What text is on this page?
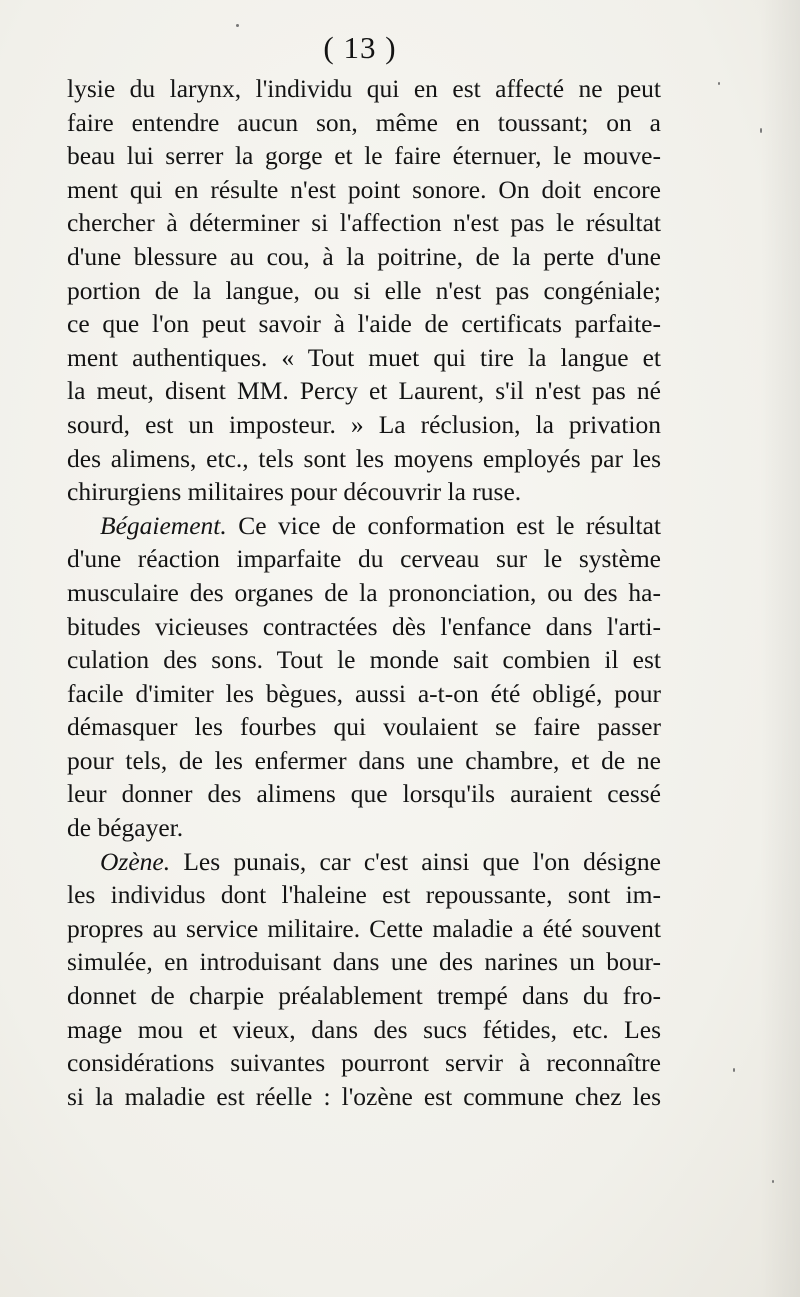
( 13 )
lysie du larynx, l'individu qui en est affecté ne peut
faire entendre aucun son, même en toussant; on a
beau lui serrer la gorge et le faire éternuer, le mouve-
ment qui en résulte n'est point sonore. On doit encore
chercher à déterminer si l'affection n'est pas le résultat
d'une blessure au cou, à la poitrine, de la perte d'une
portion de la langue, ou si elle n'est pas congéniale;
ce que l'on peut savoir à l'aide de certificats parfaite-
ment authentiques. « Tout muet qui tire la langue et
la meut, disent MM. Percy et Laurent, s'il n'est pas né
sourd, est un imposteur. » La réclusion, la privation
des alimens, etc., tels sont les moyens employés par les
chirurgiens militaires pour découvrir la ruse.
Bégaiement. Ce vice de conformation est le résultat
d'une réaction imparfaite du cerveau sur le système
musculaire des organes de la prononciation, ou des ha-
bitudes vicieuses contractées dès l'enfance dans l'arti-
culation des sons. Tout le monde sait combien il est
facile d'imiter les bègues, aussi a-t-on été obligé, pour
démasquer les fourbes qui voulaient se faire passer
pour tels, de les enfermer dans une chambre, et de ne
leur donner des alimens que lorsqu'ils auraient cessé
de bégayer.
Ozène. Les punais, car c'est ainsi que l'on désigne
les individus dont l'haleine est repoussante, sont im-
propres au service militaire. Cette maladie a été souvent
simulée, en introduisant dans une des narines un bour-
donnet de charpie préalablement trempé dans du fro-
mage mou et vieux, dans des sucs fétides, etc. Les
considérations suivantes pourront servir à reconnaître
si la maladie est réelle : l'ozène est commune chez les
